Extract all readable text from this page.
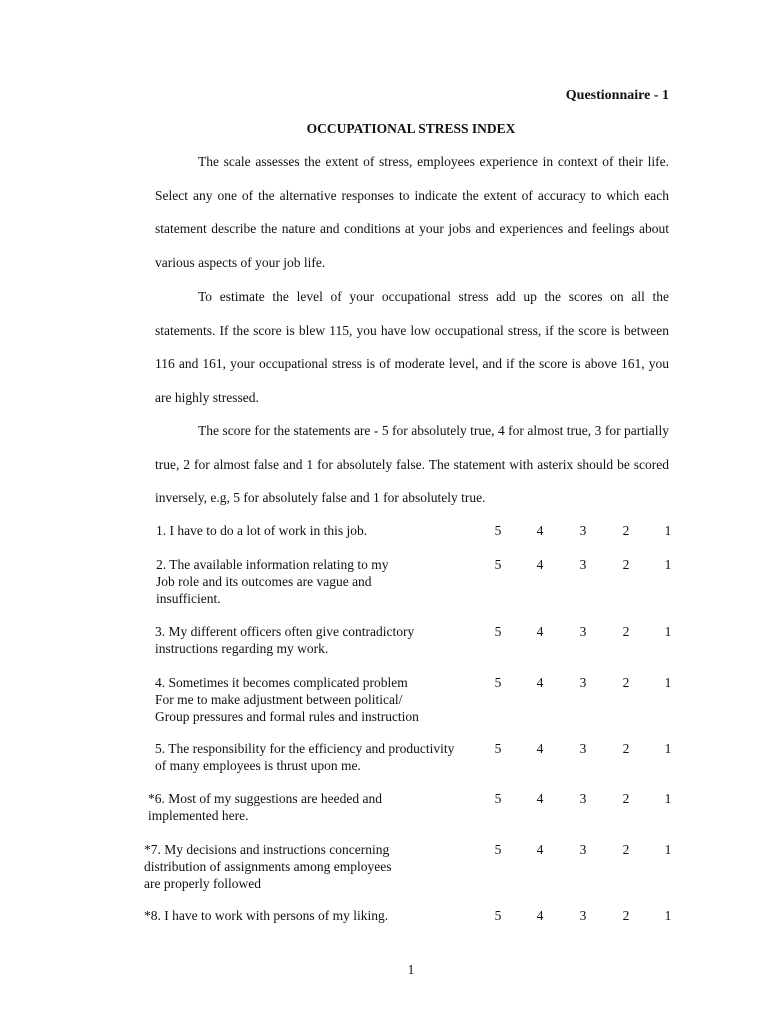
Questionnaire - 1
OCCUPATIONAL STRESS INDEX

The scale assesses the extent of stress, employees experience in context of their life. Select any one of the alternative responses to indicate the extent of accuracy to which each statement describe the nature and conditions at your jobs and experiences and feelings about various aspects of your job life.

To estimate the level of your occupational stress add up the scores on all the statements. If the score is blew 115, you have low occupational stress, if the score is between 116 and 161, your occupational stress is of moderate level, and if the score is above 161, you are highly stressed.

The score for the statements are - 5 for absolutely true, 4 for almost true, 3 for partially true, 2 for almost false and 1 for absolutely false. The statement with asterix should be scored inversely, e.g, 5 for absolutely false and 1 for absolutely true.

1. I have to do a lot of work in this job.	5	4	3	2	1
2. The available information relating to my
Job role and its outcomes are vague and
insufficient.
5	4	3	2	1
3. My different officers often give contradictory
instructions regarding my work.
5	4	3	2	1
4. Sometimes it becomes complicated problem
For me to make adjustment between political/
Group pressures and formal rules and instruction
5	4	3	2	1
5. The responsibility for the efficiency and productivity
of many employees is thrust upon me.
5	4	3	2	1
*6. Most of my suggestions are heeded and
implemented here.
5	4	3	2	1
*7. My decisions and instructions concerning
distribution of assignments among employees
are properly followed
5	4	3	2	1
*8. I have to work with persons of my liking.	5	4	3	2	1
1
